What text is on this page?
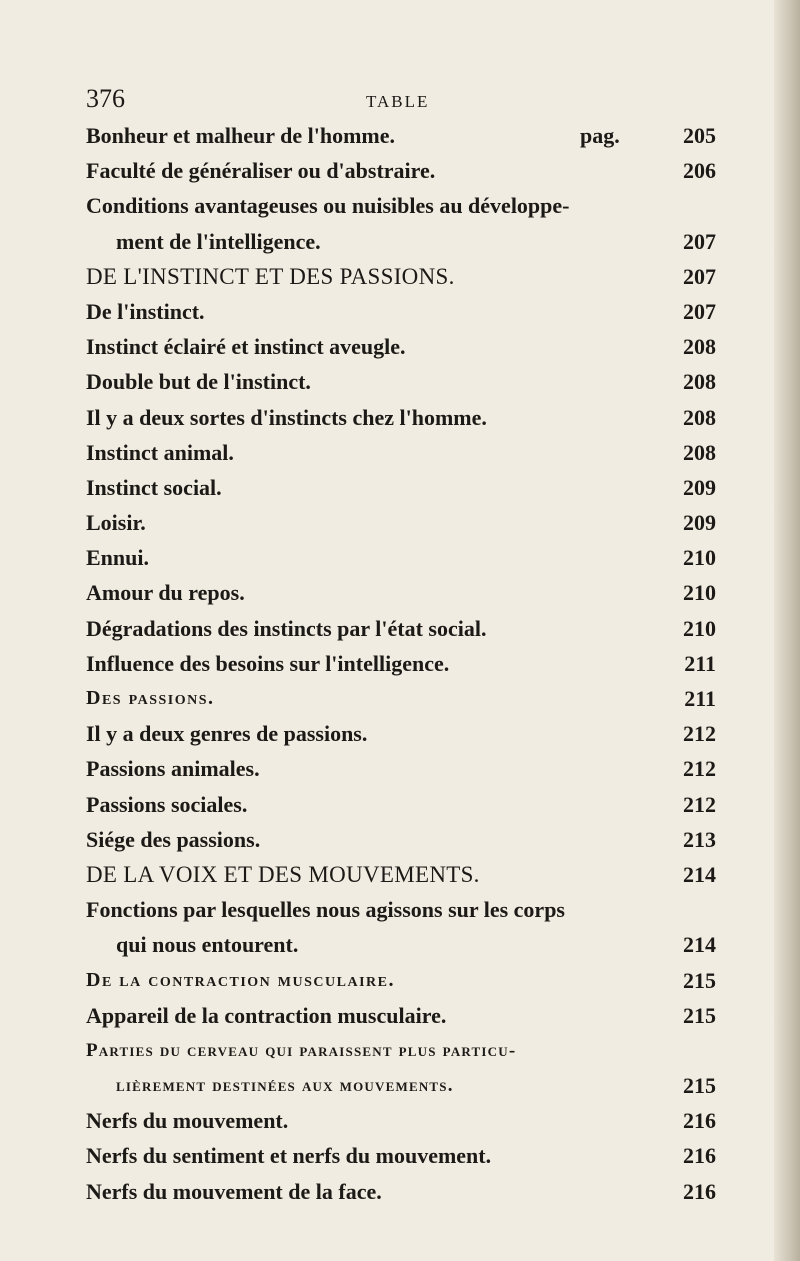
376	TABLE
Bonheur et malheur de l'homme.	pag.	205
Faculté de généraliser ou d'abstraire.	206
Conditions avantageuses ou nuisibles au développe-
ment de l'intelligence.	207
DE L'INSTINCT ET DES PASSIONS.	207
De l'instinct.	207
Instinct éclairé et instinct aveugle.	208
Double but de l'instinct.	208
Il y a deux sortes d'instincts chez l'homme.	208
Instinct animal.	208
Instinct social.	209
Loisir.	209
Ennui.	210
Amour du repos.	210
Dégradations des instincts par l'état social.	210
Influence des besoins sur l'intelligence.	211
Des passions.	211
Il y a deux genres de passions.	212
Passions animales.	212
Passions sociales.	212
Siége des passions.	213
DE LA VOIX ET DES MOUVEMENTS.	214
Fonctions par lesquelles nous agissons sur les corps
qui nous entourent.	214
De la contraction musculaire.	215
Appareil de la contraction musculaire.	215
Parties du cerveau qui paraissent plus particu-
lièrement destinées aux mouvements.	215
Nerfs du mouvement.	216
Nerfs du sentiment et nerfs du mouvement.	216
Nerfs du mouvement de la face.	216
